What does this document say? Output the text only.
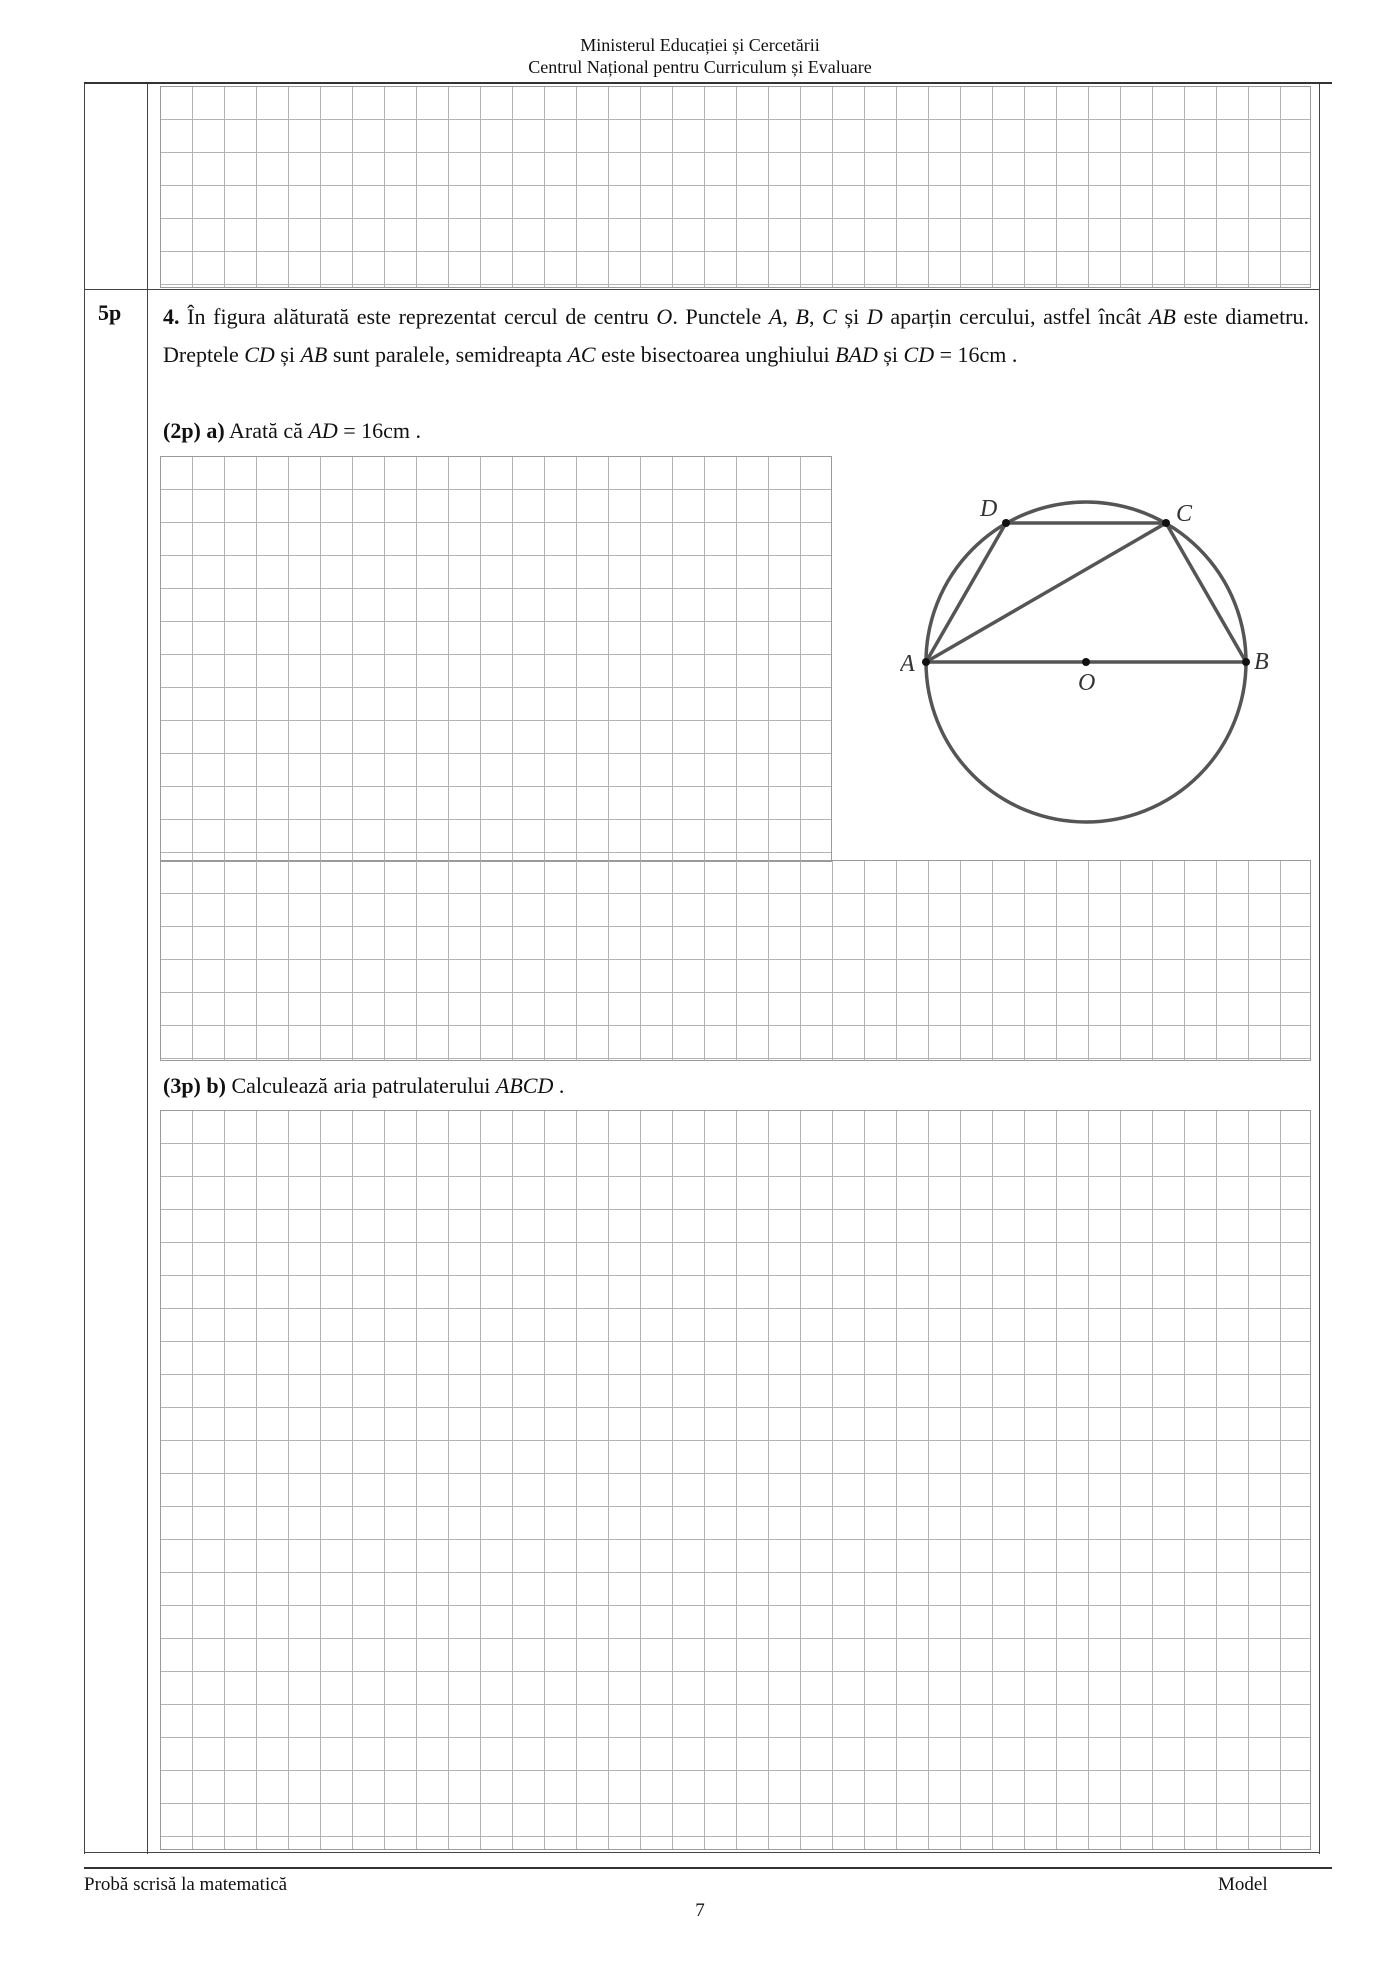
Ministerul Educației și Cercetării
Centrul Național pentru Curriculum și Evaluare
5p 4. În figura alăturată este reprezentat cercul de centru O. Punctele A, B, C și D aparțin cercului, astfel încât AB este diametru. Dreptele CD și AB sunt paralele, semidreapta AC este bisectoarea unghiului BAD și CD = 16cm .
(2p) a) Arată că AD = 16cm .
A	B
C
D
O
(3p) b) Calculează aria patrulaterului ABCD .
Probă scrisă la matematică	Model
7
